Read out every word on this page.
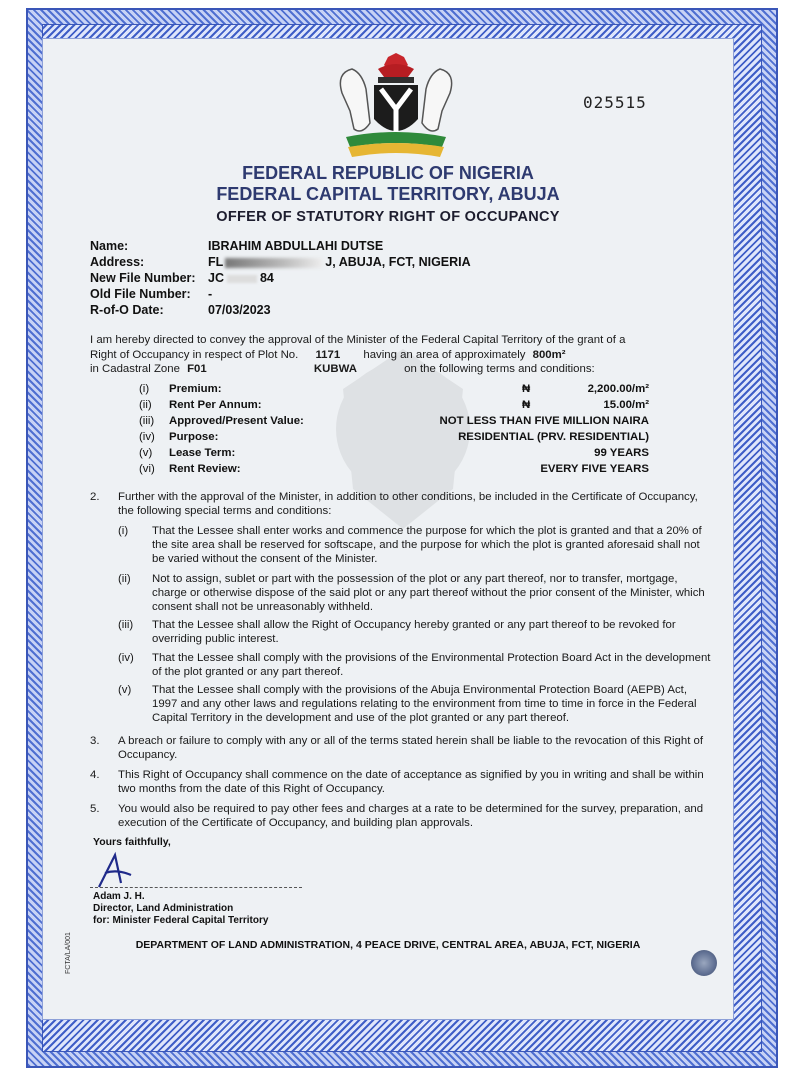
025515
FEDERAL REPUBLIC OF NIGERIA
FEDERAL CAPITAL TERRITORY, ABUJA
OFFER OF STATUTORY RIGHT OF OCCUPANCY
Name:	IBRAHIM ABDULLAHI DUTSE
Address:	FL	J, ABUJA, FCT, NIGERIA
New File Number: JC	84
Old File Number: -
R-of-O Date:	07/03/2023
I am hereby directed to convey the approval of the Minister of the Federal Capital Territory of the grant of a
Right of Occupancy in respect of Plot No. 1171 having an area of approximately 800m²
in Cadastral Zone F01	KUBWA	on the following terms and conditions:
(i) Premium:	₦	2,200.00/m²
(ii) Rent Per Annum:	₦	15.00/m²
(iii) Approved/Present Value:	NOT LESS THAN FIVE MILLION NAIRA
(iv) Purpose:	RESIDENTIAL (PRV. RESIDENTIAL)
(v) Lease Term:	99 YEARS
(vi) Rent Review:	EVERY FIVE YEARS
2. Further with the approval of the Minister, in addition to other conditions, be included in the Certificate of Occupancy, the following special terms and conditions:
(i) That the Lessee shall enter works and commence the purpose for which the plot is granted and that a 20% of the site area shall be reserved for softscape, and the purpose for which the plot is granted aforesaid shall not be varied without the consent of the Minister.
(ii) Not to assign, sublet or part with the possession of the plot or any part thereof, nor to transfer, mortgage, charge or otherwise dispose of the said plot or any part thereof without the prior consent of the Minister, which consent shall not be unreasonably withheld.
(iii) That the Lessee shall allow the Right of Occupancy hereby granted or any part thereof to be revoked for overriding public interest.
(iv) That the Lessee shall comply with the provisions of the Environmental Protection Board Act in the development of the plot granted or any part thereof.
(v) That the Lessee shall comply with the provisions of the Abuja Environmental Protection Board (AEPB) Act, 1997 and any other laws and regulations relating to the environment from time to time in force in the Federal Capital Territory in the development and use of the plot granted or any part thereof.
3. A breach or failure to comply with any or all of the terms stated herein shall be liable to the revocation of this Right of Occupancy.
4. This Right of Occupancy shall commence on the date of acceptance as signified by you in writing and shall be within two months from the date of this Right of Occupancy.
5. You would also be required to pay other fees and charges at a rate to be determined for the survey, preparation, and execution of the Certificate of Occupancy, and building plan approvals.
Yours faithfully,
Adam J. H.
Director, Land Administration
for: Minister Federal Capital Territory
DEPARTMENT OF LAND ADMINISTRATION, 4 PEACE DRIVE, CENTRAL AREA, ABUJA, FCT, NIGERIA
FCTA/LA/001
